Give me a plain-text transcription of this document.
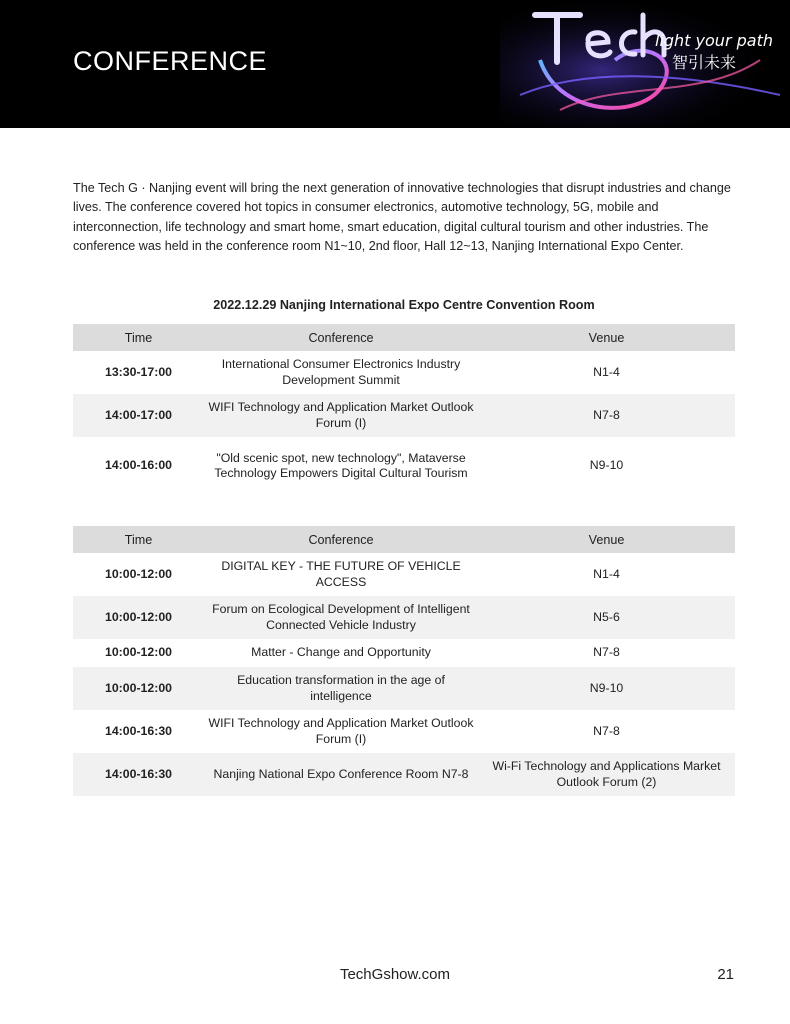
CONFERENCE
light your path
智引未来
The Tech G · Nanjing event will bring the next generation of innovative technologies that disrupt industries and change lives. The conference covered hot topics in consumer electronics, automotive technology, 5G, mobile and interconnection, life technology and smart home, smart education, digital cultural tourism and other industries. The conference was held in the conference room N1~10, 2nd floor, Hall 12~13, Nanjing International Expo Center.
2022.12.29 Nanjing International Expo Centre Convention Room
Time	Conference	Venue
13:30-17:00	International Consumer Electronics Industry Development Summit	N1-4
14:00-17:00	WIFI Technology and Application Market Outlook Forum (I)	N7-8
14:00-16:00	"Old scenic spot, new technology", Mataverse Technology Empowers Digital Cultural Tourism	N9-10
Time	Conference	Venue
10:00-12:00	DIGITAL KEY - THE FUTURE OF VEHICLE ACCESS	N1-4
10:00-12:00	Forum on Ecological Development of Intelligent Connected Vehicle Industry	N5-6
10:00-12:00	Matter - Change and Opportunity	N7-8
10:00-12:00	Education transformation in the age of intelligence	N9-10
14:00-16:30	WIFI Technology and Application Market Outlook Forum (I)	N7-8
14:00-16:30	Nanjing National Expo Conference Room N7-8	Wi-Fi Technology and Applications Market Outlook Forum (2)
TechGshow.com	21
